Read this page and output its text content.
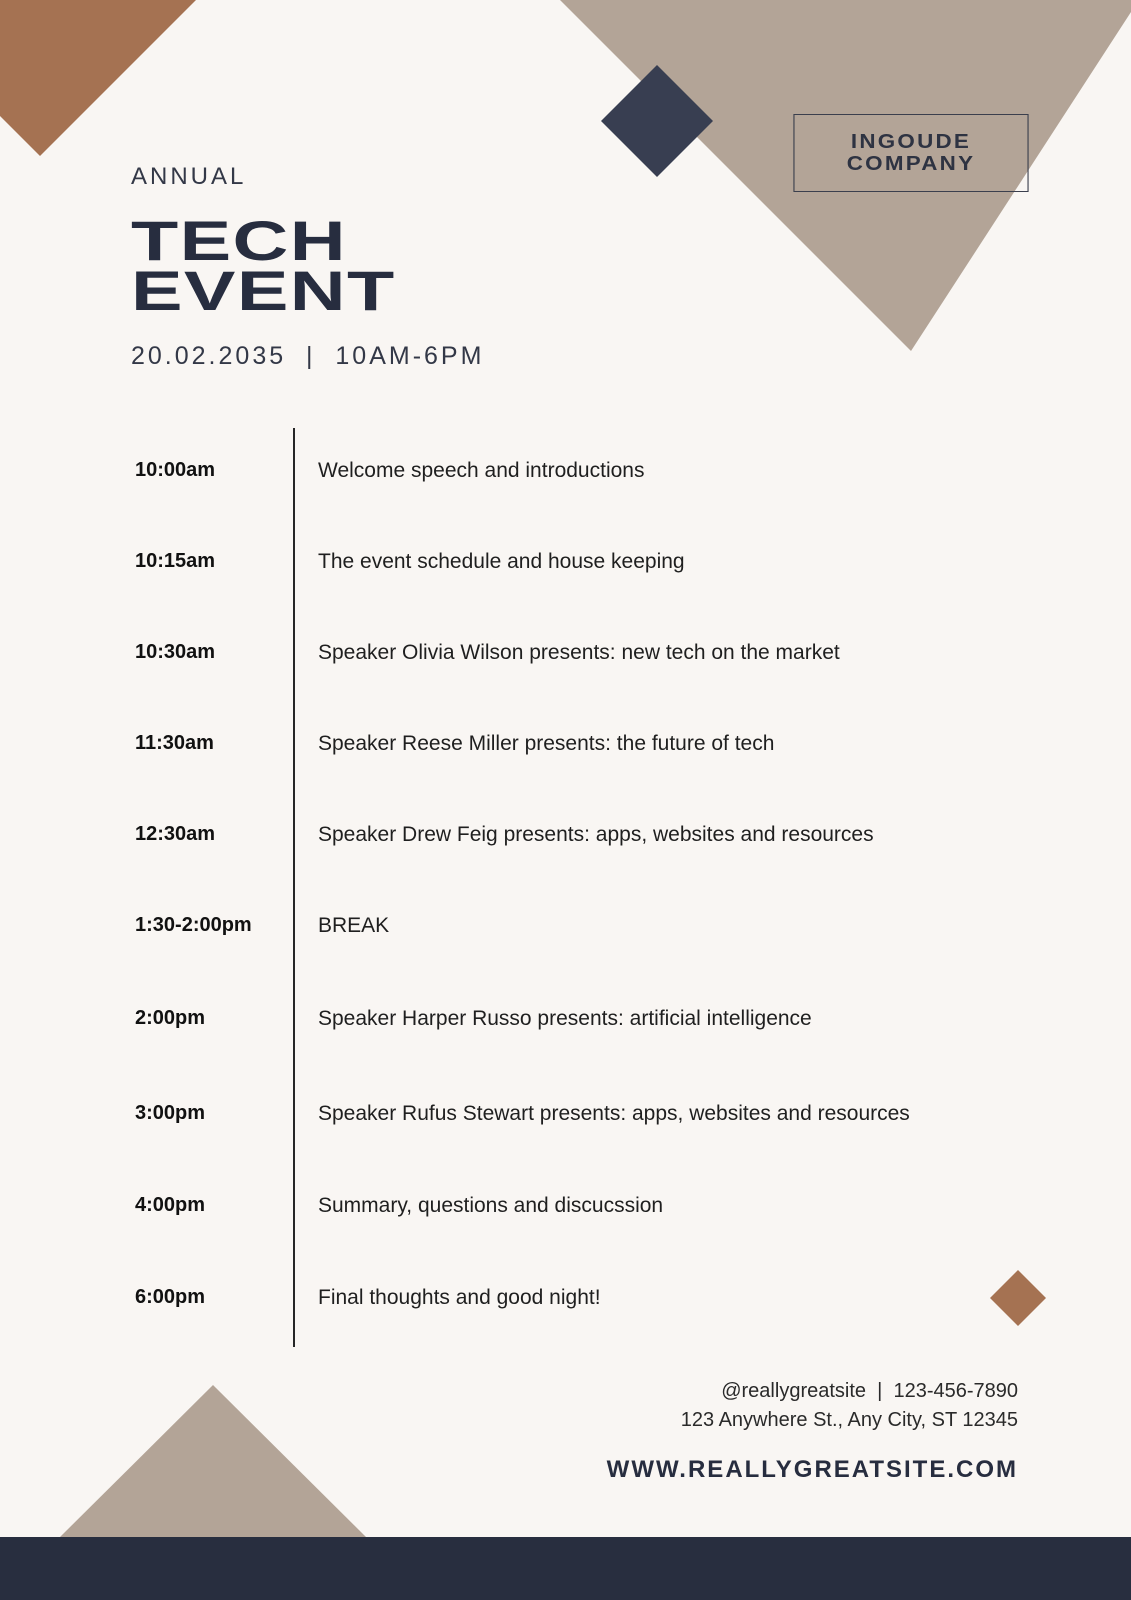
INGOUDE
COMPANY
ANNUAL
TECH
EVENT
20.02.2035  |  10AM-6PM
10:00am	Welcome speech and introductions
10:15am	The event schedule and house keeping
10:30am	Speaker Olivia Wilson presents: new tech on the market
11:30am	Speaker Reese Miller presents: the future of tech
12:30am	Speaker Drew Feig presents: apps, websites and resources
1:30-2:00pm	BREAK
2:00pm	Speaker Harper Russo presents: artificial intelligence
3:00pm	Speaker Rufus Stewart presents: apps, websites and resources
4:00pm	Summary, questions and discucssion
6:00pm	Final thoughts and good night!
@reallygreatsite  |  123-456-7890
123 Anywhere St., Any City, ST 12345
WWW.REALLYGREATSITE.COM
